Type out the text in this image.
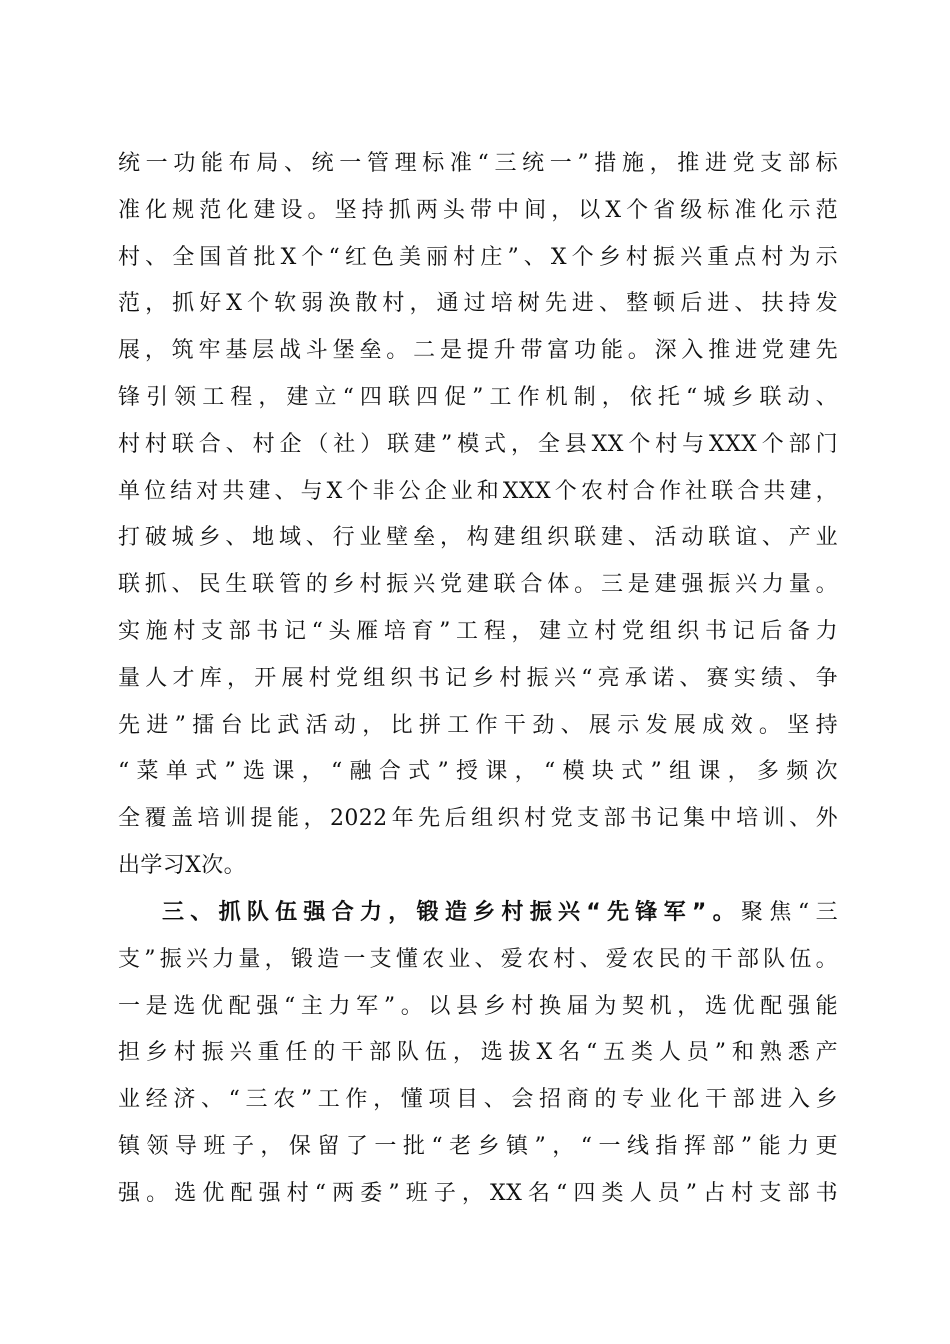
统一功能布局、统一管理标准“三统一”措施，推进党支部标
准化规范化建设。坚持抓两头带中间，以X个省级标准化示范
村、全国首批X个“红色美丽村庄”、X个乡村振兴重点村为示
范，抓好X个软弱涣散村，通过培树先进、整顿后进、扶持发
展，筑牢基层战斗堡垒。二是提升带富功能。深入推进党建先
锋引领工程，建立“四联四促”工作机制，依托“城乡联动、
村村联合、村企（社）联建”模式，全县XX个村与XXX个部门
单位结对共建、与X个非公企业和XXX个农村合作社联合共建，
打破城乡、地域、行业壁垒，构建组织联建、活动联谊、产业
联抓、民生联管的乡村振兴党建联合体。三是建强振兴力量。
实施村支部书记“头雁培育”工程，建立村党组织书记后备力
量人才库，开展村党组织书记乡村振兴“亮承诺、赛实绩、争
先进”擂台比武活动，比拼工作干劲、展示发展成效。坚持
“菜单式”选课，“融合式”授课，“模块式”组课，多频次
全覆盖培训提能，2022年先后组织村党支部书记集中培训、外
出学习X次。
三、抓队伍强合力，锻造乡村振兴“先锋军”。聚焦“三
支”振兴力量，锻造一支懂农业、爱农村、爱农民的干部队伍。
一是选优配强“主力军”。以县乡村换届为契机，选优配强能
担乡村振兴重任的干部队伍，选拔X名“五类人员”和熟悉产
业经济、“三农”工作，懂项目、会招商的专业化干部进入乡
镇领导班子，保留了一批“老乡镇”，“一线指挥部”能力更
强。选优配强村“两委”班子，XX名“四类人员”占村支部书
